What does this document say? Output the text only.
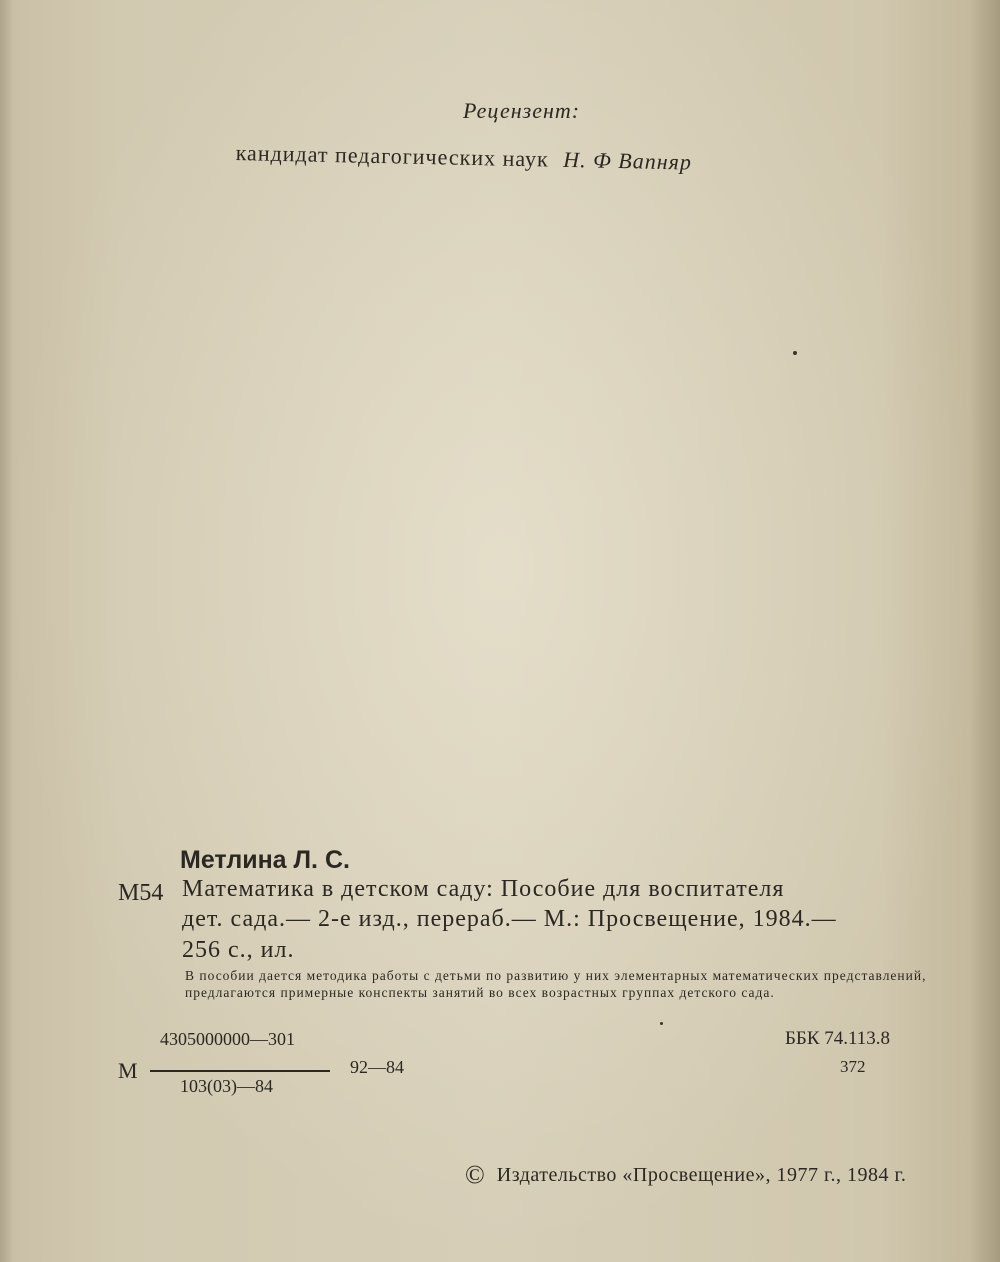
Рецензент:
кандидат педагогических наук Н. Ф Вапняр
Метлина Л. С.
М54 Математика в детском саду: Пособие для воспитателя
дет. сада.— 2-е изд., перераб.— М.: Просвещение, 1984.—
256 с., ил.
В пособии дается методика работы с детьми по развитию у них элементарных математических представлений, предлагаются примерные конспекты занятий во всех возрастных группах детского сада.
ББК 74.113.8
372
М
4305000000—301
103(03)—84
92—84
© Издательство «Просвещение», 1977 г., 1984 г.
